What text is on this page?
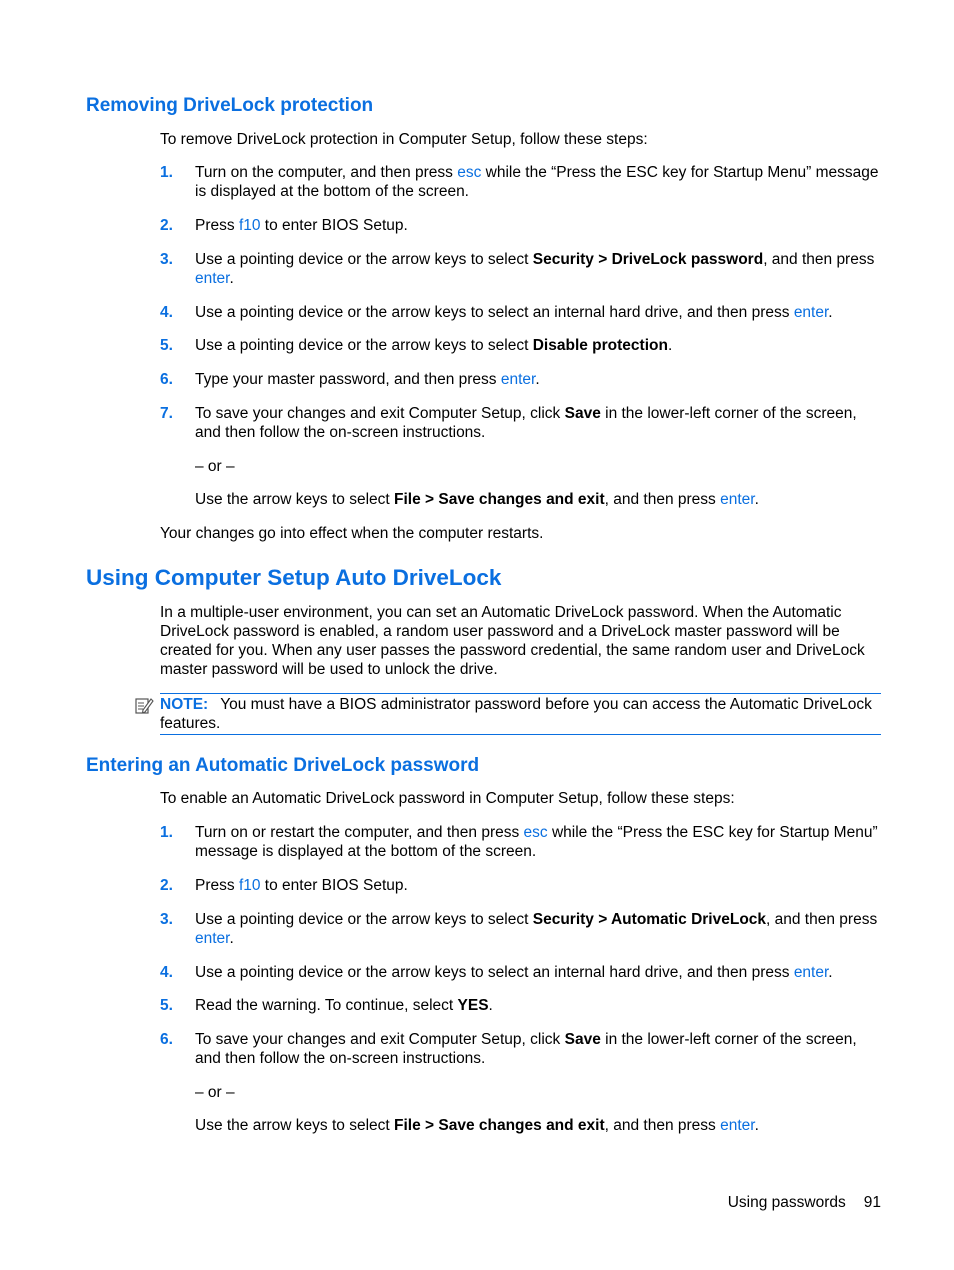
Removing DriveLock protection

To remove DriveLock protection in Computer Setup, follow these steps:

1. Turn on the computer, and then press esc while the “Press the ESC key for Startup Menu” message is displayed at the bottom of the screen.
2. Press f10 to enter BIOS Setup.
3. Use a pointing device or the arrow keys to select Security > DriveLock password, and then press enter.
4. Use a pointing device or the arrow keys to select an internal hard drive, and then press enter.
5. Use a pointing device or the arrow keys to select Disable protection.
6. Type your master password, and then press enter.
7. To save your changes and exit Computer Setup, click Save in the lower-left corner of the screen, and then follow the on-screen instructions.

– or –

Use the arrow keys to select File > Save changes and exit, and then press enter.

Your changes go into effect when the computer restarts.

Using Computer Setup Auto DriveLock

In a multiple-user environment, you can set an Automatic DriveLock password. When the Automatic DriveLock password is enabled, a random user password and a DriveLock master password will be created for you. When any user passes the password credential, the same random user and DriveLock master password will be used to unlock the drive.

NOTE: You must have a BIOS administrator password before you can access the Automatic DriveLock features.
Entering an Automatic DriveLock password

To enable an Automatic DriveLock password in Computer Setup, follow these steps:

1. Turn on or restart the computer, and then press esc while the “Press the ESC key for Startup Menu” message is displayed at the bottom of the screen.
2. Press f10 to enter BIOS Setup.
3. Use a pointing device or the arrow keys to select Security > Automatic DriveLock, and then press enter.
4. Use a pointing device or the arrow keys to select an internal hard drive, and then press enter.
5. Read the warning. To continue, select YES.
6. To save your changes and exit Computer Setup, click Save in the lower-left corner of the screen, and then follow the on-screen instructions.

– or –

Use the arrow keys to select File > Save changes and exit, and then press enter.

Using passwords 91
